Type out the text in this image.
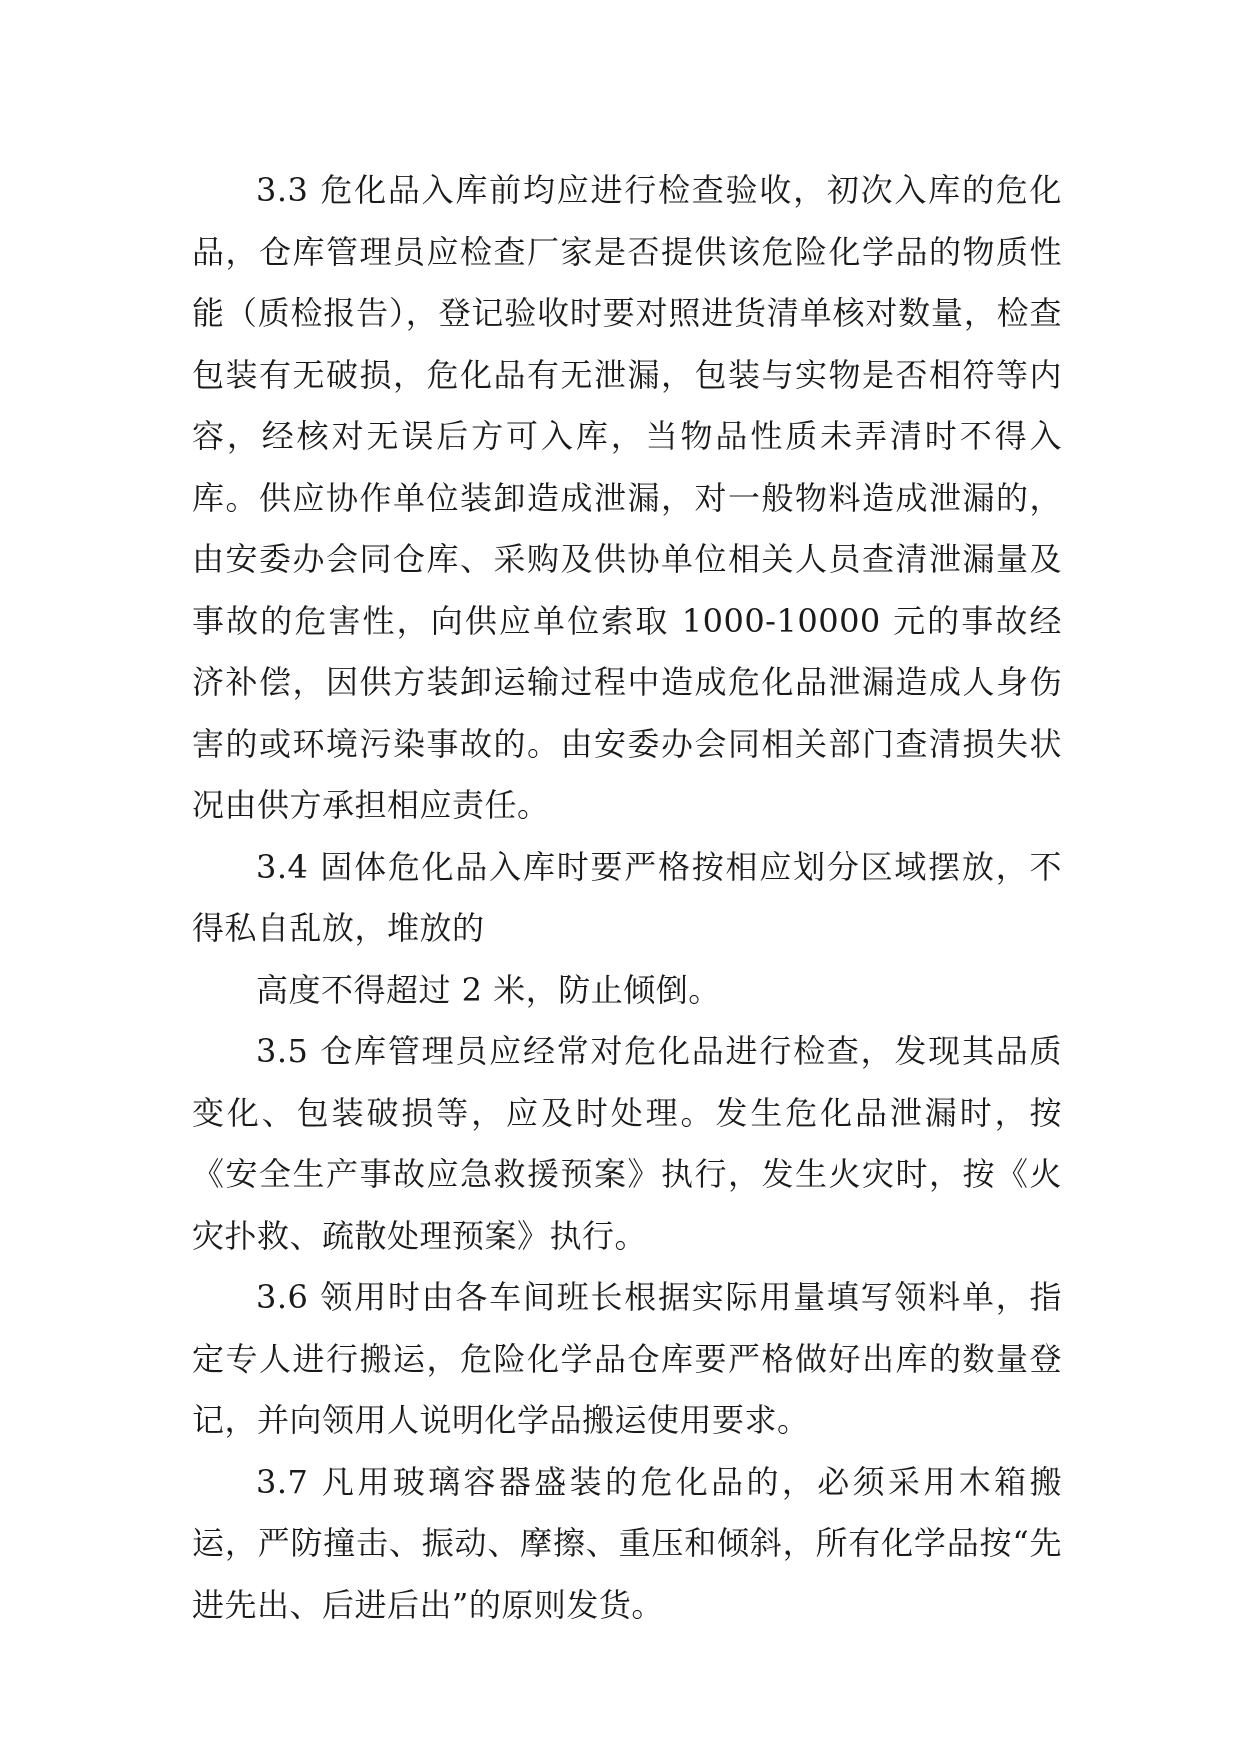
3.3 危化品入库前均应进行检查验收，初次入库的危化品，仓库管理员应检查厂家是否提供该危险化学品的物质性能（质检报告），登记验收时要对照进货清单核对数量，检查包装有无破损，危化品有无泄漏，包装与实物是否相符等内容，经核对无误后方可入库，当物品性质未弄清时不得入库。供应协作单位装卸造成泄漏，对一般物料造成泄漏的，由安委办会同仓库、采购及供协单位相关人员查清泄漏量及事故的危害性，向供应单位索取 1000-10000 元的事故经济补偿，因供方装卸运输过程中造成危化品泄漏造成人身伤害的或环境污染事故的。由安委办会同相关部门查清损失状况由供方承担相应责任。

3.4 固体危化品入库时要严格按相应划分区域摆放，不得私自乱放，堆放的

高度不得超过 2 米，防止倾倒。

3.5 仓库管理员应经常对危化品进行检查，发现其品质变化、包装破损等，应及时处理。发生危化品泄漏时，按《安全生产事故应急救援预案》执行，发生火灾时，按《火灾扑救、疏散处理预案》执行。

3.6 领用时由各车间班长根据实际用量填写领料单，指定专人进行搬运，危险化学品仓库要严格做好出库的数量登记，并向领用人说明化学品搬运使用要求。

3.7 凡用玻璃容器盛装的危化品的，必须采用木箱搬运，严防撞击、振动、摩擦、重压和倾斜，所有化学品按“先进先出、后进后出”的原则发货。
